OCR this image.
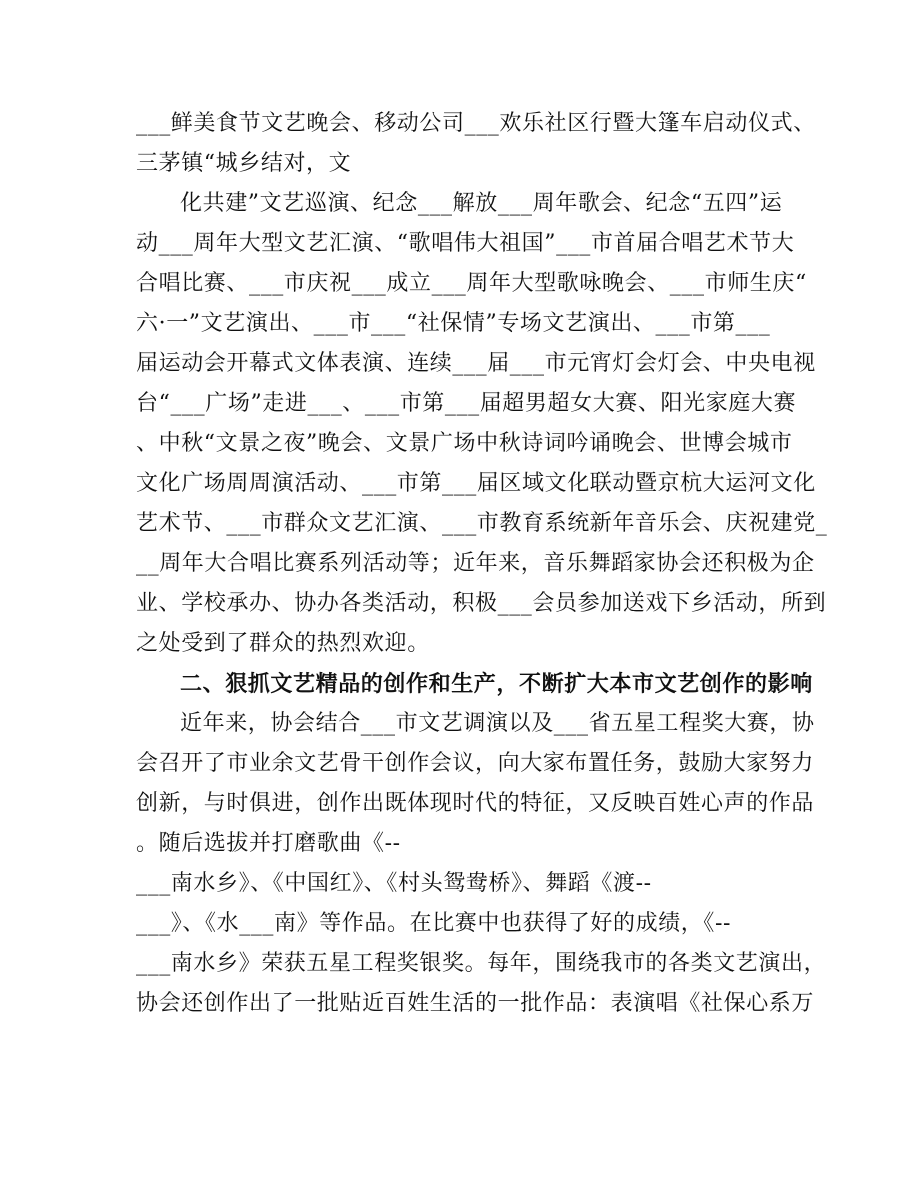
___鲜美食节文艺晚会、移动公司___欢乐社区行暨大篷车启动仪式、
三茅镇“城乡结对，文
化共建”文艺巡演、纪念___解放___周年歌会、纪念“五四”运
动___周年大型文艺汇演、“歌唱伟大祖国”___市首届合唱艺术节大
合唱比赛、___市庆祝___成立___周年大型歌咏晚会、___市师生庆“
六·一”文艺演出、___市___“社保情”专场文艺演出、___市第___
届运动会开幕式文体表演、连续___届___市元宵灯会灯会、中央电视
台“___广场”走进___、___市第___届超男超女大赛、阳光家庭大赛
、中秋“文景之夜”晚会、文景广场中秋诗词吟诵晚会、世博会城市
文化广场周周演活动、___市第___届区域文化联动暨京杭大运河文化
艺术节、___市群众文艺汇演、___市教育系统新年音乐会、庆祝建党_
__周年大合唱比赛系列活动等；近年来，音乐舞蹈家协会还积极为企
业、学校承办、协办各类活动，积极___会员参加送戏下乡活动，所到
之处受到了群众的热烈欢迎。
二、狠抓文艺精品的创作和生产，不断扩大本市文艺创作的影响
近年来，协会结合___市文艺调演以及___省五星工程奖大赛，协
会召开了市业余文艺骨干创作会议，向大家布置任务，鼓励大家努力
创新，与时俱进，创作出既体现时代的特征，又反映百姓心声的作品
。随后选拔并打磨歌曲《--
___南水乡》、《中国红》、《村头鸳鸯桥》、舞蹈《渡--
___》、《水___南》等作品。在比赛中也获得了好的成绩，《--
___南水乡》荣获五星工程奖银奖。每年，围绕我市的各类文艺演出，
协会还创作出了一批贴近百姓生活的一批作品：表演唱《社保心系万
